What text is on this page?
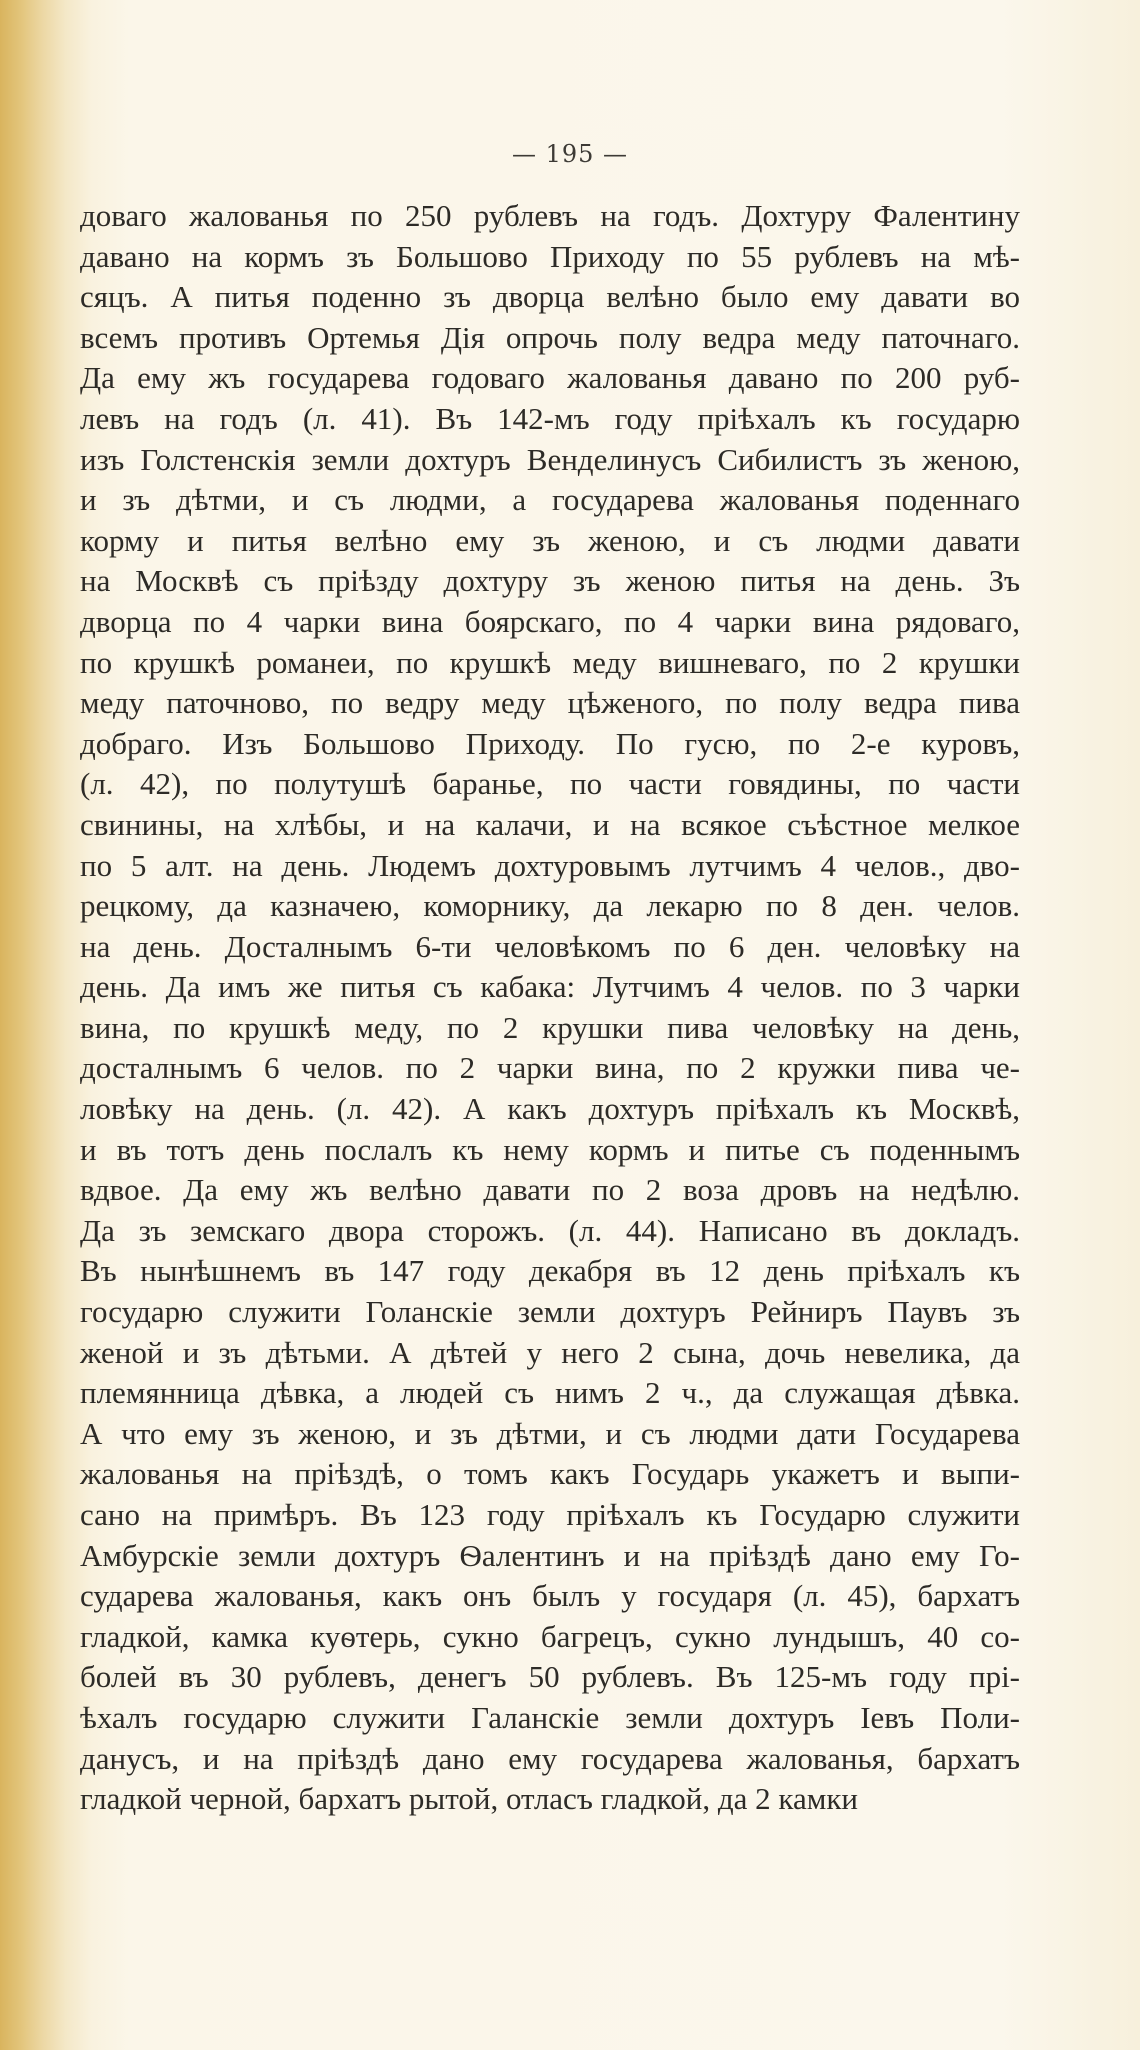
— 195 —
доваго жалованья по 250 рублевъ на годъ. Дохтуру Фалентину
давано на кормъ зъ Большово Приходу по 55 рублевъ на мѣ-
сяцъ. А питья поденно зъ дворца велѣно было ему давати во
всемъ противъ Ортемья Дія опрочь полу ведра меду паточнаго.
Да ему жъ государева годоваго жалованья давано по 200 руб-
левъ на годъ (л. 41). Въ 142-мъ году пріѣхалъ къ государю
изъ Голстенскія земли дохтуръ Венделинусъ Сибилистъ зъ женою,
и зъ дѣтми, и съ людми, а государева жалованья поденнаго
корму и питья велѣно ему зъ женою, и съ людми давати
на Москвѣ съ пріѣзду дохтуру зъ женою питья на день. Зъ
дворца по 4 чарки вина боярскаго, по 4 чарки вина рядоваго,
по крушкѣ романеи, по крушкѣ меду вишневаго, по 2 крушки
меду паточново, по ведру меду цѣженого, по полу ведра пива
добраго. Изъ Большово Приходу. По гусю, по 2-е куровъ,
(л. 42), по полутушѣ баранье, по части говядины, по части
свинины, на хлѣбы, и на калачи, и на всякое съѣстное мелкое
по 5 алт. на день. Людемъ дохтуровымъ лутчимъ 4 челов., дво-
рецкому, да казначею, коморнику, да лекарю по 8 ден. челов.
на день. Досталнымъ 6-ти человѣкомъ по 6 ден. человѣку на
день. Да имъ же питья съ кабака: Лутчимъ 4 челов. по 3 чарки
вина, по крушкѣ меду, по 2 крушки пива человѣку на день,
досталнымъ 6 челов. по 2 чарки вина, по 2 кружки пива че-
ловѣку на день. (л. 42). А какъ дохтуръ пріѣхалъ къ Москвѣ,
и въ тотъ день послалъ къ нему кормъ и питье съ поденнымъ
вдвое. Да ему жъ велѣно давати по 2 воза дровъ на недѣлю.
Да зъ земскаго двора сторожъ. (л. 44). Написано въ докладъ.
Въ нынѣшнемъ въ 147 году декабря въ 12 день пріѣхалъ къ
государю служити Голанскіе земли дохтуръ Рейниръ Паувъ зъ
женой и зъ дѣтьми. А дѣтей у него 2 сына, дочь невелика, да
племянница дѣвка, а людей съ нимъ 2 ч., да служащая дѣвка.
А что ему зъ женою, и зъ дѣтми, и съ людми дати Государева
жалованья на пріѣздѣ, о томъ какъ Государь укажетъ и выпи-
сано на примѣръ. Въ 123 году пріѣхалъ къ Государю служити
Амбурскіе земли дохтуръ Ѳалентинъ и на пріѣздѣ дано ему Го-
сударева жалованья, какъ онъ былъ у государя (л. 45), бархатъ
гладкой, камка куѳтерь, сукно багрецъ, сукно лундышъ, 40 со-
болей въ 30 рублевъ, денегъ 50 рублевъ. Въ 125-мъ году прі-
ѣхалъ государю служити Галанскіе земли дохтуръ Іевъ Поли-
данусъ, и на пріѣздѣ дано ему государева жалованья, бархатъ
гладкой черной, бархатъ рытой, отласъ гладкой, да 2 камки
